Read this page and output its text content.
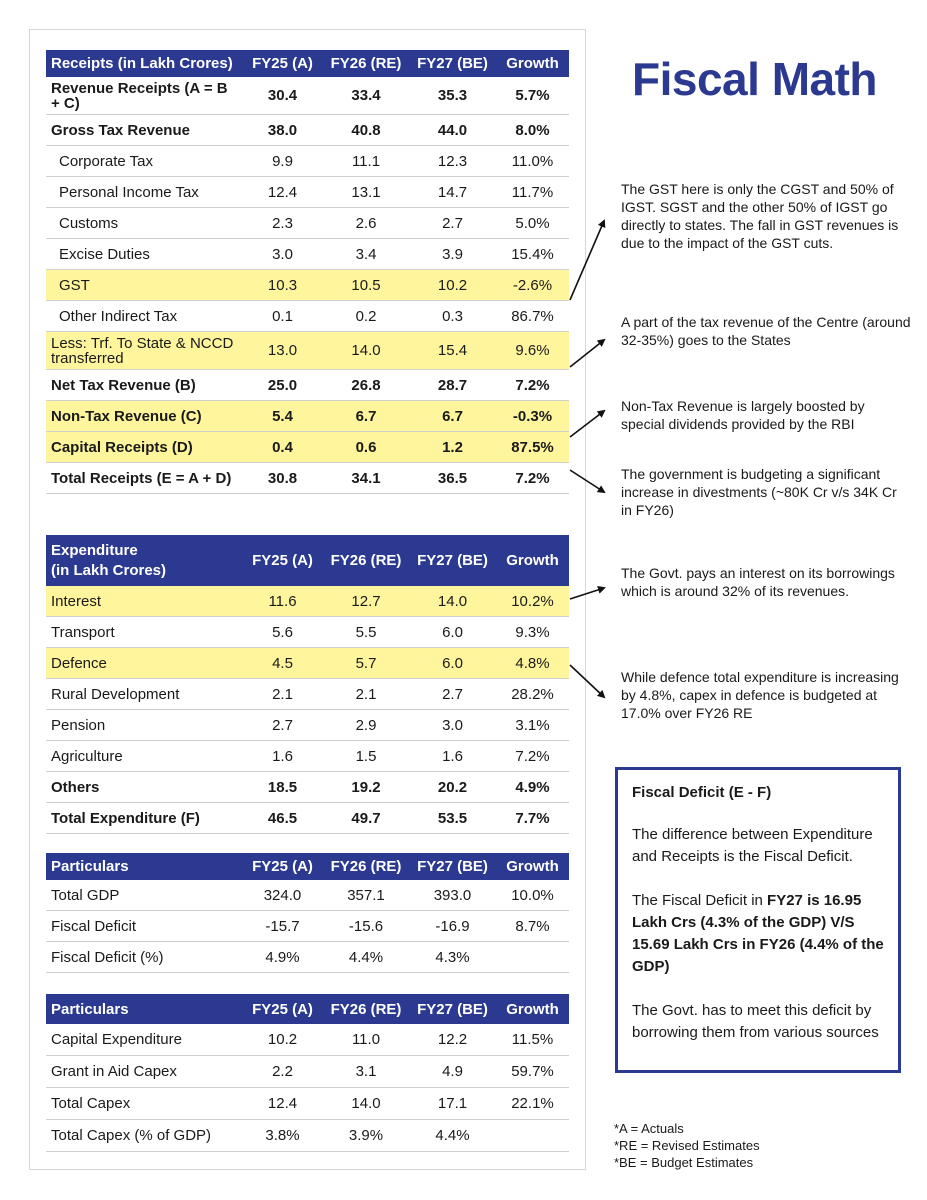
Receipts (in Lakh Crores)	FY25 (A)	FY26 (RE)	FY27 (BE)	Growth
Revenue Receipts (A = B + C)	30.4	33.4	35.3	5.7%
Gross Tax Revenue	38.0	40.8	44.0	8.0%
Corporate Tax	9.9	11.1	12.3	11.0%
Personal Income Tax	12.4	13.1	14.7	11.7%
Customs	2.3	2.6	2.7	5.0%
Excise Duties	3.0	3.4	3.9	15.4%
GST	10.3	10.5	10.2	-2.6%
Other Indirect Tax	0.1	0.2	0.3	86.7%
Less: Trf. To State & NCCD transferred	13.0	14.0	15.4	9.6%
Net Tax Revenue (B)	25.0	26.8	28.7	7.2%
Non-Tax Revenue (C)	5.4	6.7	6.7	-0.3%
Capital Receipts (D)	0.4	0.6	1.2	87.5%
Total Receipts (E = A + D)	30.8	34.1	36.5	7.2%
Expenditure
(in Lakh Crores)	FY25 (A)	FY26 (RE)	FY27 (BE)	Growth
Interest	11.6	12.7	14.0	10.2%
Transport	5.6	5.5	6.0	9.3%
Defence	4.5	5.7	6.0	4.8%
Rural Development	2.1	2.1	2.7	28.2%
Pension	2.7	2.9	3.0	3.1%
Agriculture	1.6	1.5	1.6	7.2%
Others	18.5	19.2	20.2	4.9%
Total Expenditure (F)	46.5	49.7	53.5	7.7%
Particulars	FY25 (A)	FY26 (RE)	FY27 (BE)	Growth
Total GDP	324.0	357.1	393.0	10.0%
Fiscal Deficit	-15.7	-15.6	-16.9	8.7%
Fiscal Deficit (%)	4.9%	4.4%	4.3%	
Particulars	FY25 (A)	FY26 (RE)	FY27 (BE)	Growth
Capital Expenditure	10.2	11.0	12.2	11.5%
Grant in Aid Capex	2.2	3.1	4.9	59.7%
Total Capex	12.4	14.0	17.1	22.1%
Total Capex (% of GDP)	3.8%	3.9%	4.4%	
Fiscal Math
The GST here is only the CGST and 50% of IGST. SGST and the other 50% of IGST go directly to states. The fall in GST revenues is due to the impact of the GST cuts.
A part of the tax revenue of the Centre (around 32-35%) goes to the States
Non-Tax Revenue is largely boosted by special dividends provided by the RBI
The government is budgeting a significant increase in divestments (~80K Cr v/s 34K Cr in FY26)
The Govt. pays an interest on its borrowings which is around 32% of its revenues.
While defence total expenditure is increasing by 4.8%, capex in defence is budgeted at 17.0% over FY26 RE

Fiscal Deficit (E - F)

The difference between Expenditure and Receipts is the Fiscal Deficit.

The Fiscal Deficit in FY27 is 16.95 Lakh Crs (4.3% of the GDP) V/S 15.69 Lakh Crs in FY26 (4.4% of the GDP)

The Govt. has to meet this deficit by borrowing them from various sources

*A = Actuals
*RE = Revised Estimates
*BE = Budget Estimates
